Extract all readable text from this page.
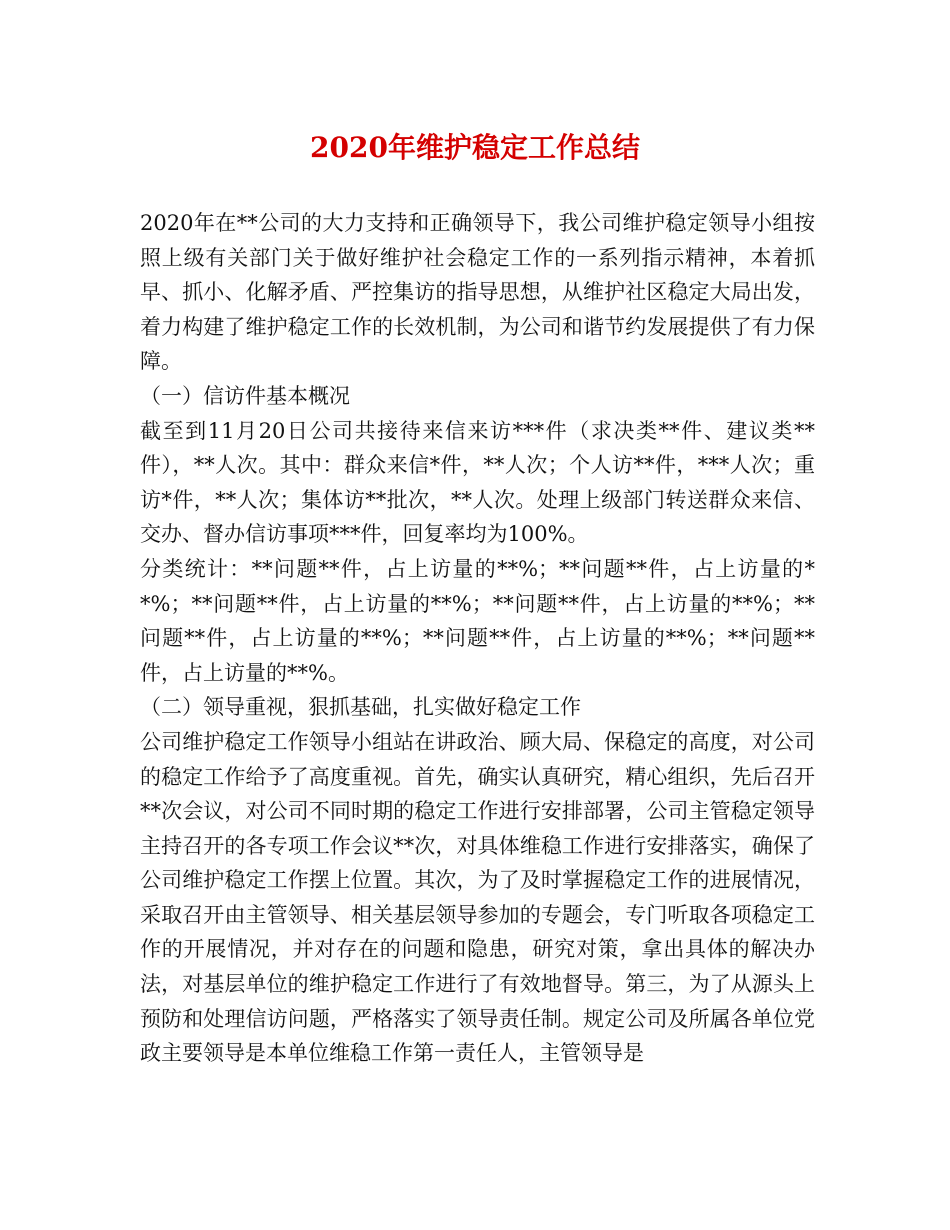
2020年维护稳定工作总结

2020年在**公司的大力支持和正确领导下，我公司维护稳定领导小组按照上级有关部门关于做好维护社会稳定工作的一系列指示精神，本着抓早、抓小、化解矛盾、严控集访的指导思想，从维护社区稳定大局出发，着力构建了维护稳定工作的长效机制，为公司和谐节约发展提供了有力保障。

（一）信访件基本概况

截至到11月20日公司共接待来信来访***件（求决类**件、建议类**件），**人次。其中：群众来信*件，**人次；个人访**件，***人次；重访*件，**人次；集体访**批次，**人次。处理上级部门转送群众来信、交办、督办信访事项***件，回复率均为100%。

分类统计：**问题**件，占上访量的**%；**问题**件，占上访量的**%；**问题**件，占上访量的**%；**问题**件，占上访量的**%；**问题**件，占上访量的**%；**问题**件，占上访量的**%；**问题**件，占上访量的**%。

（二）领导重视，狠抓基础，扎实做好稳定工作

公司维护稳定工作领导小组站在讲政治、顾大局、保稳定的高度，对公司的稳定工作给予了高度重视。首先，确实认真研究，精心组织，先后召开**次会议，对公司不同时期的稳定工作进行安排部署，公司主管稳定领导主持召开的各专项工作会议**次，对具体维稳工作进行安排落实，确保了公司维护稳定工作摆上位置。其次，为了及时掌握稳定工作的进展情况，采取召开由主管领导、相关基层领导参加的专题会，专门听取各项稳定工作的开展情况，并对存在的问题和隐患，研究对策，拿出具体的解决办法，对基层单位的维护稳定工作进行了有效地督导。第三，为了从源头上预防和处理信访问题，严格落实了领导责任制。规定公司及所属各单位党政主要领导是本单位维稳工作第一责任人，主管领导是
